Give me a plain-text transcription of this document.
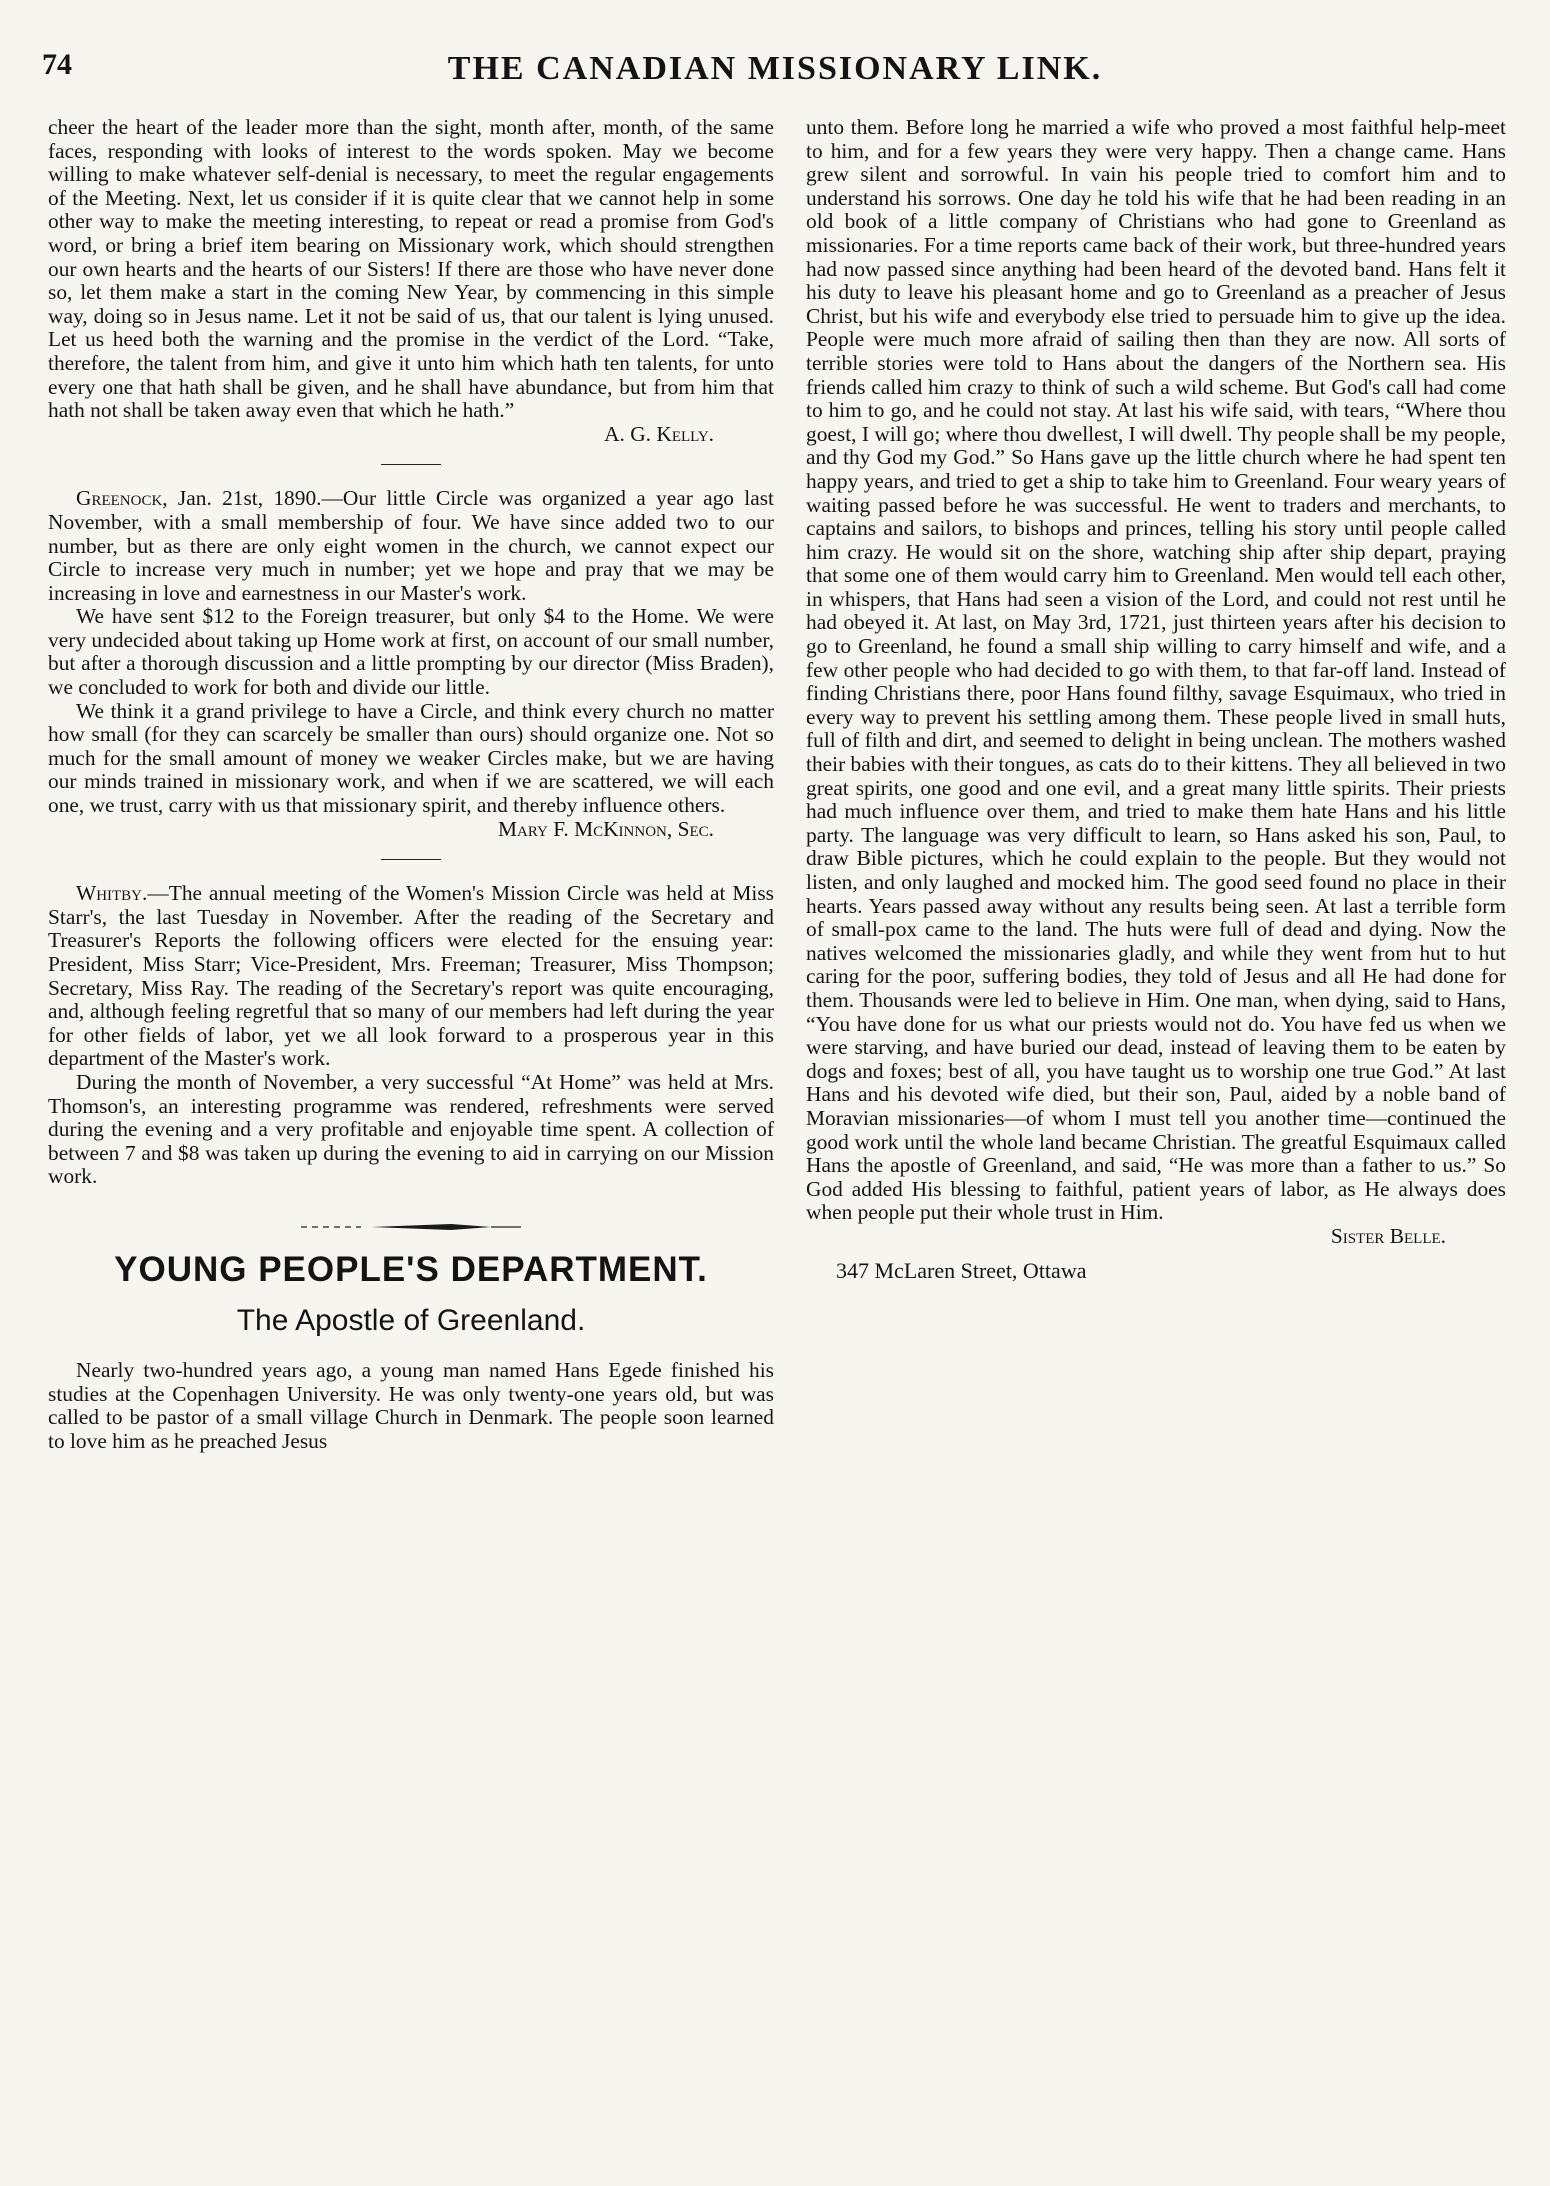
74	THE CANADIAN MISSIONARY LINK.

cheer the heart of the leader more than the sight, month after, month, of the same faces, responding with looks of interest to the words spoken. May we become willing to make whatever self-denial is necessary, to meet the regular engagements of the Meeting. Next, let us consider if it is quite clear that we cannot help in some other way to make the meeting interesting, to repeat or read a promise from God's word, or bring a brief item bearing on Missionary work, which should strengthen our own hearts and the hearts of our Sisters! If there are those who have never done so, let them make a start in the coming New Year, by commencing in this simple way, doing so in Jesus name. Let it not be said of us, that our talent is lying unused. Let us heed both the warning and the promise in the verdict of the Lord. “Take, therefore, the talent from him, and give it unto him which hath ten talents, for unto every one that hath shall be given, and he shall have abundance, but from him that hath not shall be taken away even that which he hath.”

A. G. Kelly.

Greenock, Jan. 21st, 1890.—Our little Circle was organized a year ago last November, with a small membership of four. We have since added two to our number, but as there are only eight women in the church, we cannot expect our Circle to increase very much in number; yet we hope and pray that we may be increasing in love and earnestness in our Master's work.

We have sent $12 to the Foreign treasurer, but only $4 to the Home. We were very undecided about taking up Home work at first, on account of our small number, but after a thorough discussion and a little prompting by our director (Miss Braden), we concluded to work for both and divide our little.

We think it a grand privilege to have a Circle, and think every church no matter how small (for they can scarcely be smaller than ours) should organize one. Not so much for the small amount of money we weaker Circles make, but we are having our minds trained in missionary work, and when if we are scattered, we will each one, we trust, carry with us that missionary spirit, and thereby influence others.

Mary F. McKinnon, Sec.

Whitby.—The annual meeting of the Women's Mission Circle was held at Miss Starr's, the last Tuesday in November. After the reading of the Secretary and Treasurer's Reports the following officers were elected for the ensuing year: President, Miss Starr; Vice-President, Mrs. Freeman; Treasurer, Miss Thompson; Secretary, Miss Ray. The reading of the Secretary's report was quite encouraging, and, although feeling regretful that so many of our members had left during the year for other fields of labor, yet we all look forward to a prosperous year in this department of the Master's work.

During the month of November, a very successful “At Home” was held at Mrs. Thomson's, an interesting programme was rendered, refreshments were served during the evening and a very profitable and enjoyable time spent. A collection of between 7 and $8 was taken up during the evening to aid in carrying on our Mission work.

YOUNG PEOPLE'S DEPARTMENT.
The Apostle of Greenland.

Nearly two-hundred years ago, a young man named Hans Egede finished his studies at the Copenhagen University. He was only twenty-one years old, but was called to be pastor of a small village Church in Denmark. The people soon learned to love him as he preached Jesus

unto them. Before long he married a wife who proved a most faithful help-meet to him, and for a few years they were very happy. Then a change came. Hans grew silent and sorrowful. In vain his people tried to comfort him and to understand his sorrows. One day he told his wife that he had been reading in an old book of a little company of Christians who had gone to Greenland as missionaries. For a time reports came back of their work, but three-hundred years had now passed since anything had been heard of the devoted band. Hans felt it his duty to leave his pleasant home and go to Greenland as a preacher of Jesus Christ, but his wife and everybody else tried to persuade him to give up the idea. People were much more afraid of sailing then than they are now. All sorts of terrible stories were told to Hans about the dangers of the Northern sea. His friends called him crazy to think of such a wild scheme. But God's call had come to him to go, and he could not stay. At last his wife said, with tears, “Where thou goest, I will go; where thou dwellest, I will dwell. Thy people shall be my people, and thy God my God.” So Hans gave up the little church where he had spent ten happy years, and tried to get a ship to take him to Greenland. Four weary years of waiting passed before he was successful. He went to traders and merchants, to captains and sailors, to bishops and princes, telling his story until people called him crazy. He would sit on the shore, watching ship after ship depart, praying that some one of them would carry him to Greenland. Men would tell each other, in whispers, that Hans had seen a vision of the Lord, and could not rest until he had obeyed it. At last, on May 3rd, 1721, just thirteen years after his decision to go to Greenland, he found a small ship willing to carry himself and wife, and a few other people who had decided to go with them, to that far-off land. Instead of finding Christians there, poor Hans found filthy, savage Esquimaux, who tried in every way to prevent his settling among them. These people lived in small huts, full of filth and dirt, and seemed to delight in being unclean. The mothers washed their babies with their tongues, as cats do to their kittens. They all believed in two great spirits, one good and one evil, and a great many little spirits. Their priests had much influence over them, and tried to make them hate Hans and his little party. The language was very difficult to learn, so Hans asked his son, Paul, to draw Bible pictures, which he could explain to the people. But they would not listen, and only laughed and mocked him. The good seed found no place in their hearts. Years passed away without any results being seen. At last a terrible form of small-pox came to the land. The huts were full of dead and dying. Now the natives welcomed the missionaries gladly, and while they went from hut to hut caring for the poor, suffering bodies, they told of Jesus and all He had done for them. Thousands were led to believe in Him. One man, when dying, said to Hans, “You have done for us what our priests would not do. You have fed us when we were starving, and have buried our dead, instead of leaving them to be eaten by dogs and foxes; best of all, you have taught us to worship one true God.” At last Hans and his devoted wife died, but their son, Paul, aided by a noble band of Moravian missionaries—of whom I must tell you another time—continued the good work until the whole land became Christian. The greatful Esquimaux called Hans the apostle of Greenland, and said, “He was more than a father to us.” So God added His blessing to faithful, patient years of labor, as He always does when people put their whole trust in Him.

Sister Belle.

347 McLaren Street, Ottawa
